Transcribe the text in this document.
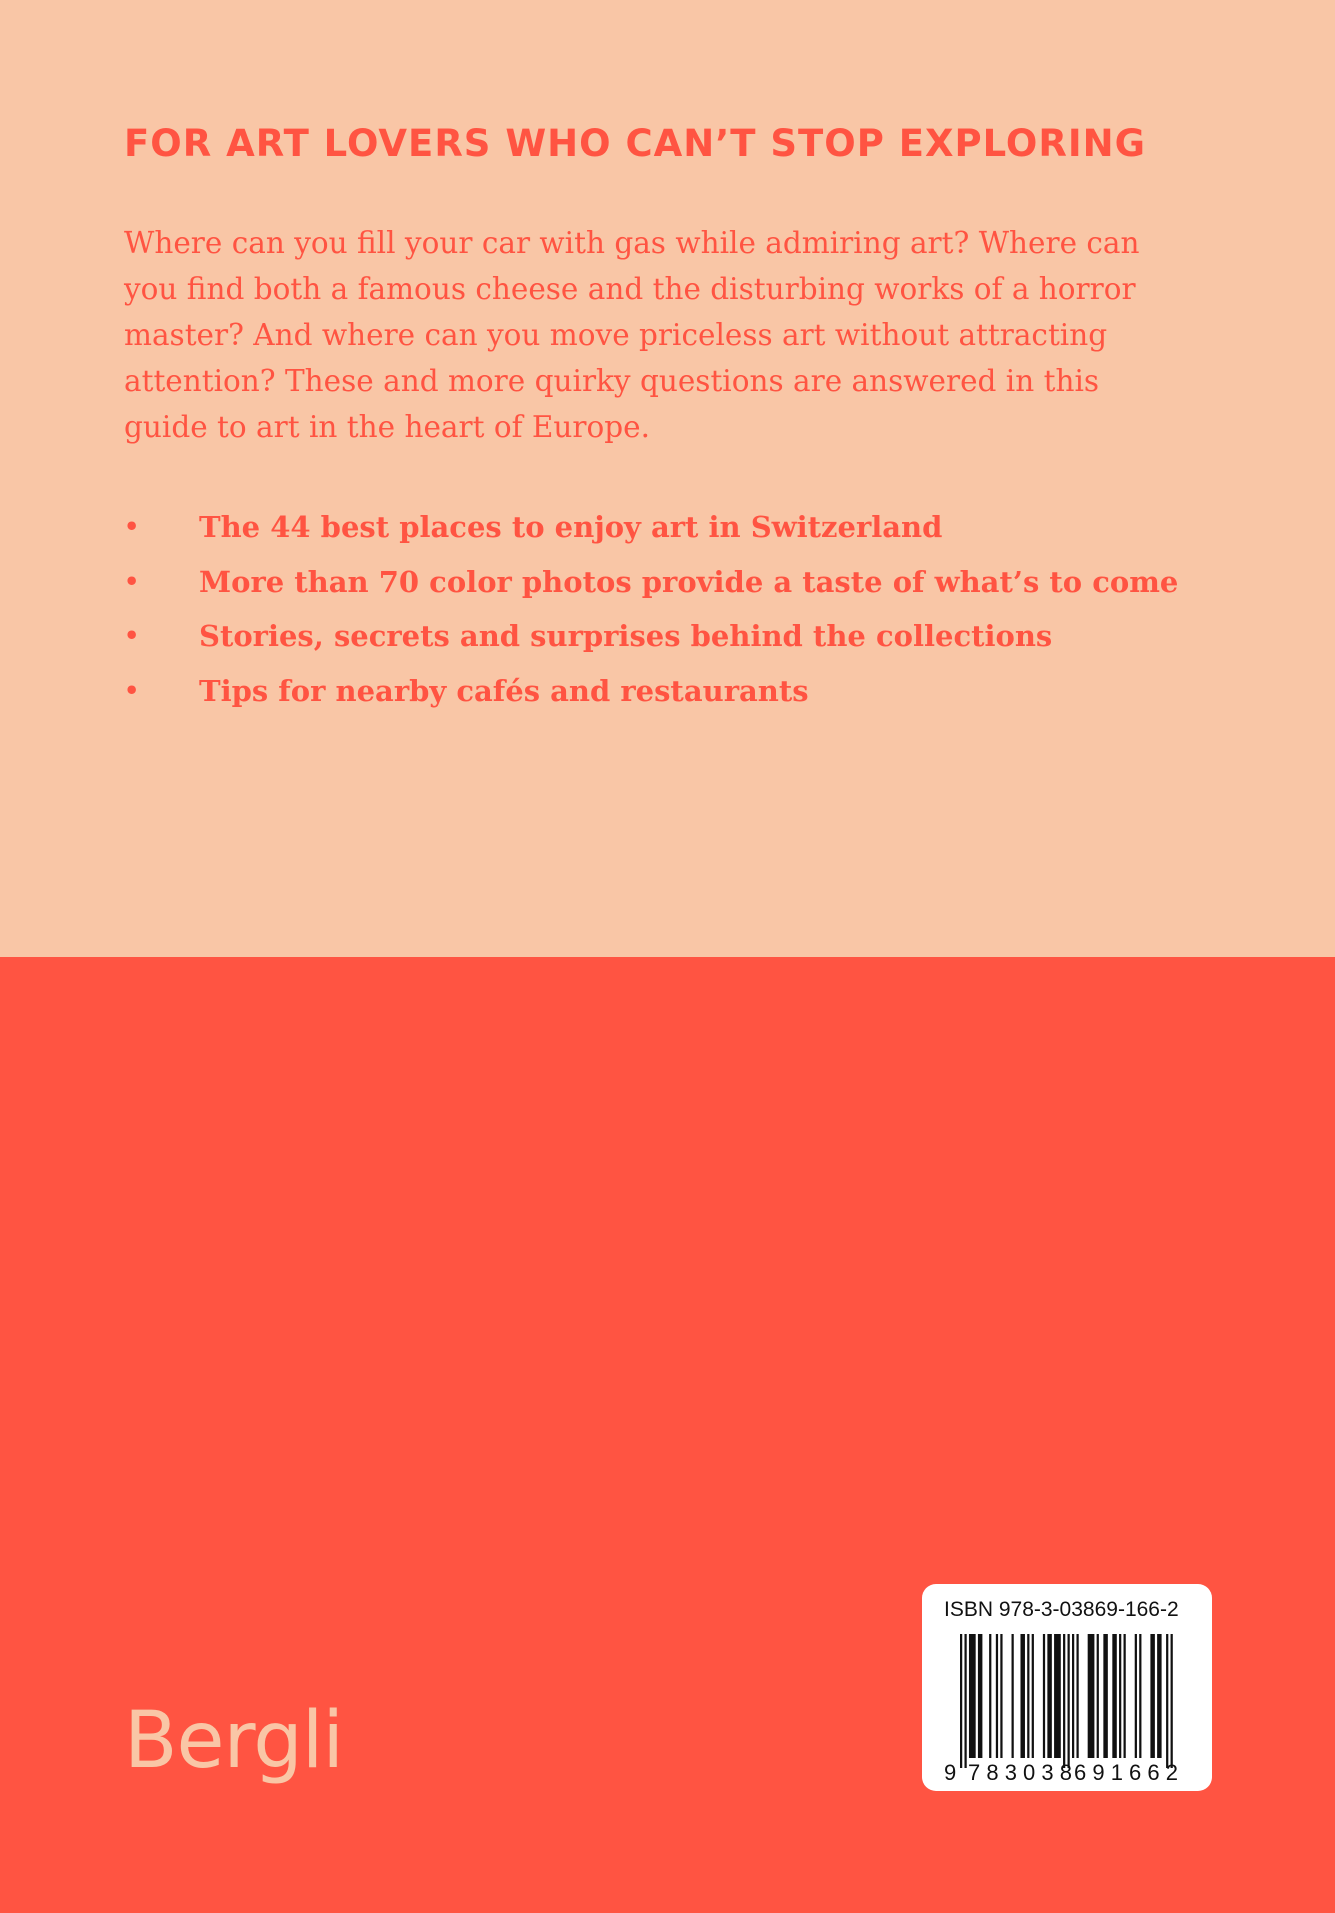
FOR ART LOVERS WHO CAN’T STOP EXPLORING

Where can you fill your car with gas while admiring art? Where can you find both a famous cheese and the disturbing works of a horror master? And where can you move priceless art without attracting attention? These and more quirky questions are answered in this guide to art in the heart of Europe.

• The 44 best places to enjoy art in Switzerland
• More than 70 color photos provide a taste of what’s to come
• Stories, secrets and surprises behind the collections
• Tips for nearby cafés and restaurants
Bergli
ISBN 978-3-03869-166-2
9 783038 691662
